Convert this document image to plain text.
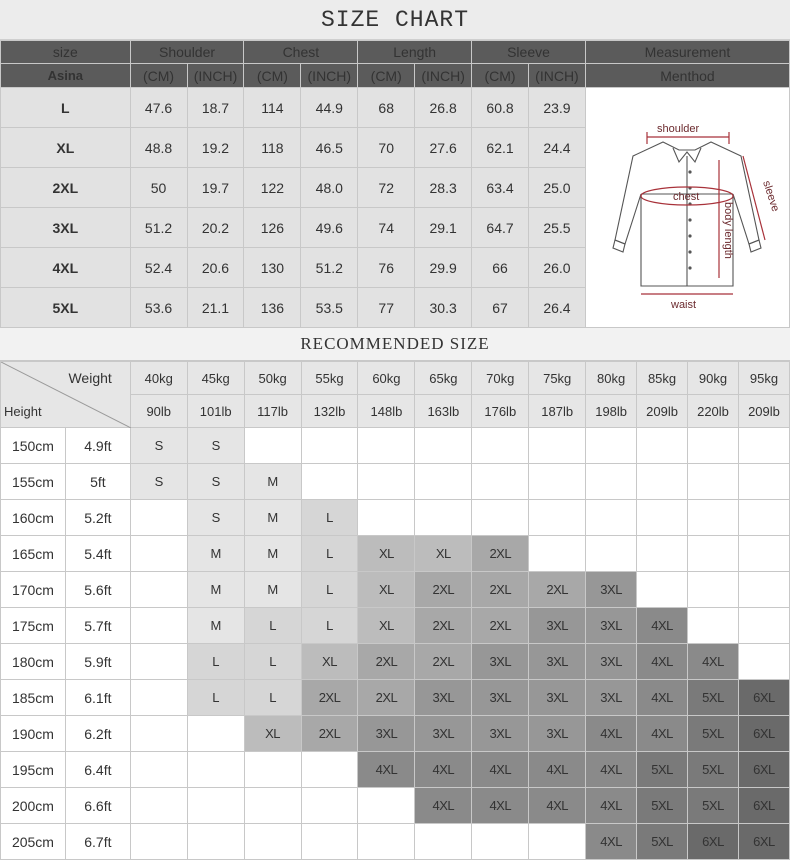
SIZE CHART
size	Shoulder		Chest		Length		Sleeve		Measurement
Asina	(CM)	(INCH)	(CM)	(INCH)	(CM)	(INCH)	(CM)	(INCH)	Menthod
L	47.6	18.7	114	44.9	68	26.8	60.8	23.9	shoulder
chest sleeve
body length
waist

XL	48.8	19.2	118	46.5	70	27.6	62.1	24.4	
2XL	50	19.7	122	48.0	72	28.3	63.4	25.0	
3XL	51.2	20.2	126	49.6	74	29.1	64.7	25.5	
4XL	52.4	20.6	130	51.2	76	29.9	66	26.0	
5XL	53.6	21.1	136	53.5	77	30.3	67	26.4	
RECOMMENDED SIZE
Weight
Height		40kg	45kg	50kg	55kg	60kg	65kg	70kg	75kg	80kg	85kg	90kg	95kg
		90lb	101lb	117lb	132lb	148lb	163lb	176lb	187lb	198lb	209lb	220lb	209lb
150cm	4.9ft	S	S										
155cm	5ft	S	S	M									
160cm	5.2ft		S	M	L								
165cm	5.4ft		M	M	L	XL	XL	2XL					
170cm	5.6ft		M	M	L	XL	2XL	2XL	2XL	3XL			
175cm	5.7ft		M	L	L	XL	2XL	2XL	3XL	3XL	4XL		
180cm	5.9ft		L	L	XL	2XL	2XL	3XL	3XL	3XL	4XL	4XL	
185cm	6.1ft		L	L	2XL	2XL	3XL	3XL	3XL	3XL	4XL	5XL	6XL
190cm	6.2ft			XL	2XL	3XL	3XL	3XL	3XL	4XL	4XL	5XL	6XL
195cm	6.4ft					4XL	4XL	4XL	4XL	4XL	5XL	5XL	6XL
200cm	6.6ft						4XL	4XL	4XL	4XL	5XL	5XL	6XL
205cm	6.7ft									4XL	5XL	6XL	6XL
